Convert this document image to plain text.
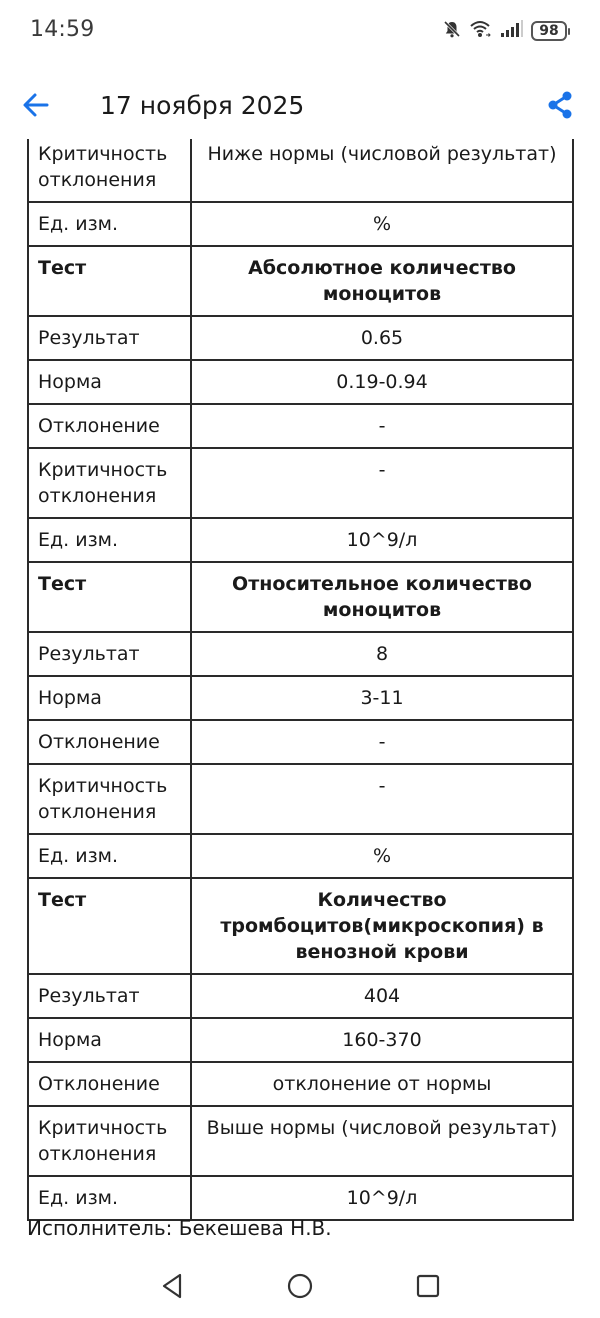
14:59	98
17 ноября 2025
Критичность отклонения	Ниже нормы (числовой результат)
Ед. изм.	%
Тест	Абсолютное количество моноцитов
Результат	0.65
Норма	0.19-0.94
Отклонение	-
Критичность отклонения	-
Ед. изм.	10^9/л
Тест	Относительное количество моноцитов
Результат	8
Норма	3-11
Отклонение	-
Критичность отклонения	-
Ед. изм.	%
Тест	Количество тромбоцитов(микроскопия) в венозной крови
Результат	404
Норма	160-370
Отклонение	отклонение от нормы
Критичность отклонения	Выше нормы (числовой результат)
Ед. изм.	10^9/л
Исполнитель: Бекешева Н.В.
